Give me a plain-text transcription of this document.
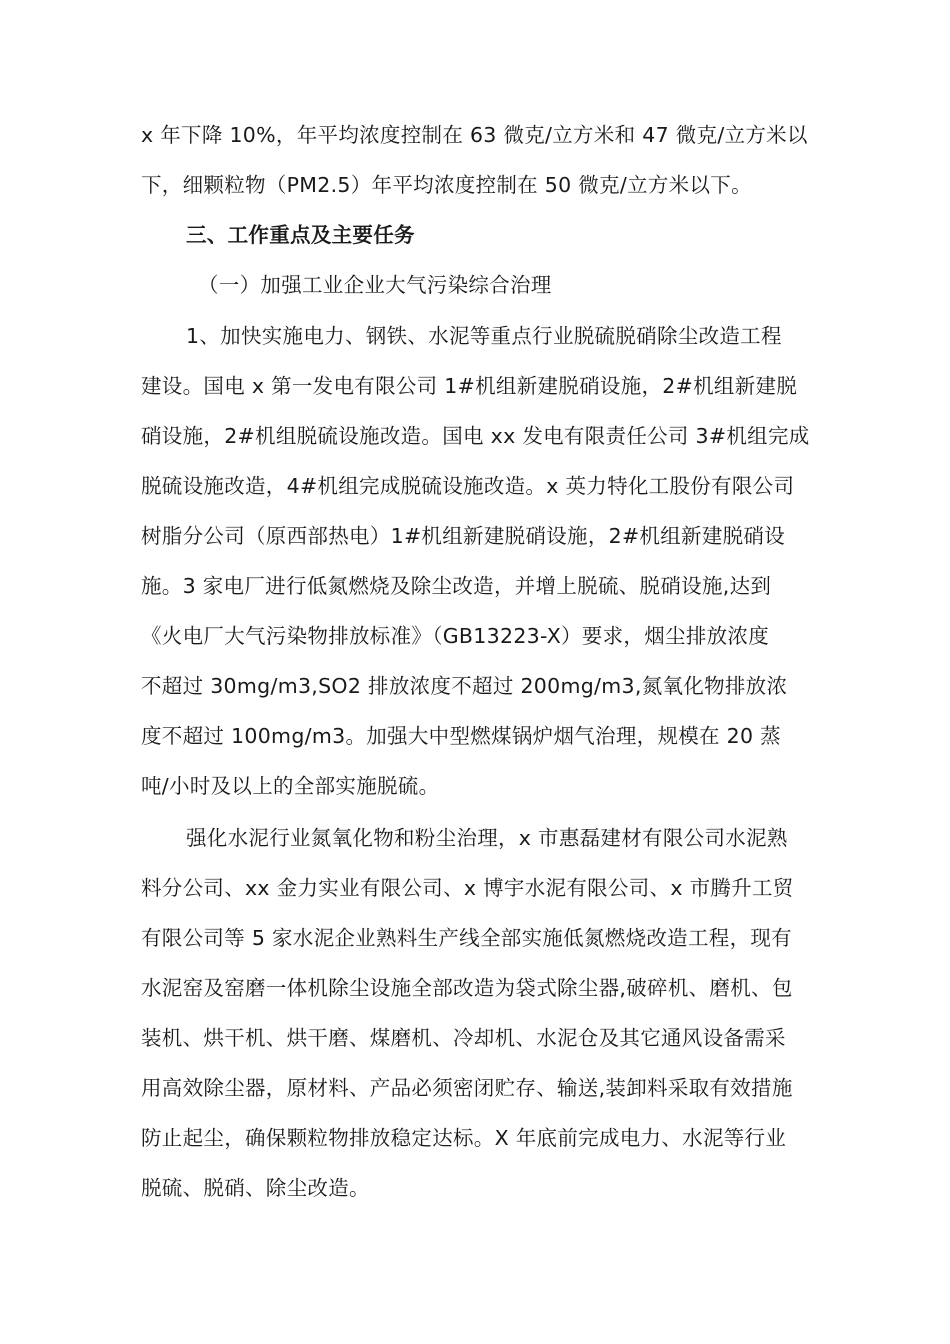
x 年下降 10%，年平均浓度控制在 63 微克/立方米和 47 微克/立方米以
下，细颗粒物（PM2.5）年平均浓度控制在 50 微克/立方米以下。
三、工作重点及主要任务
（一）加强工业企业大气污染综合治理
1、加快实施电力、钢铁、水泥等重点行业脱硫脱硝除尘改造工程
建设。国电 x 第一发电有限公司 1#机组新建脱硝设施，2#机组新建脱
硝设施，2#机组脱硫设施改造。国电 xx 发电有限责任公司 3#机组完成
脱硫设施改造，4#机组完成脱硫设施改造。x 英力特化工股份有限公司
树脂分公司（原西部热电）1#机组新建脱硝设施，2#机组新建脱硝设
施。3 家电厂进行低氮燃烧及除尘改造，并增上脱硫、脱硝设施,达到
《火电厂大气污染物排放标准》（GB13223-X）要求，烟尘排放浓度
不超过 30mg/m3,SO2 排放浓度不超过 200mg/m3,氮氧化物排放浓
度不超过 100mg/m3。加强大中型燃煤锅炉烟气治理，规模在 20 蒸
吨/小时及以上的全部实施脱硫。
强化水泥行业氮氧化物和粉尘治理，x 市惠磊建材有限公司水泥熟
料分公司、xx 金力实业有限公司、x 博宇水泥有限公司、x 市腾升工贸
有限公司等 5 家水泥企业熟料生产线全部实施低氮燃烧改造工程，现有
水泥窑及窑磨一体机除尘设施全部改造为袋式除尘器,破碎机、磨机、包
装机、烘干机、烘干磨、煤磨机、冷却机、水泥仓及其它通风设备需采
用高效除尘器，原材料、产品必须密闭贮存、输送,装卸料采取有效措施
防止起尘，确保颗粒物排放稳定达标。X 年底前完成电力、水泥等行业
脱硫、脱硝、除尘改造。
